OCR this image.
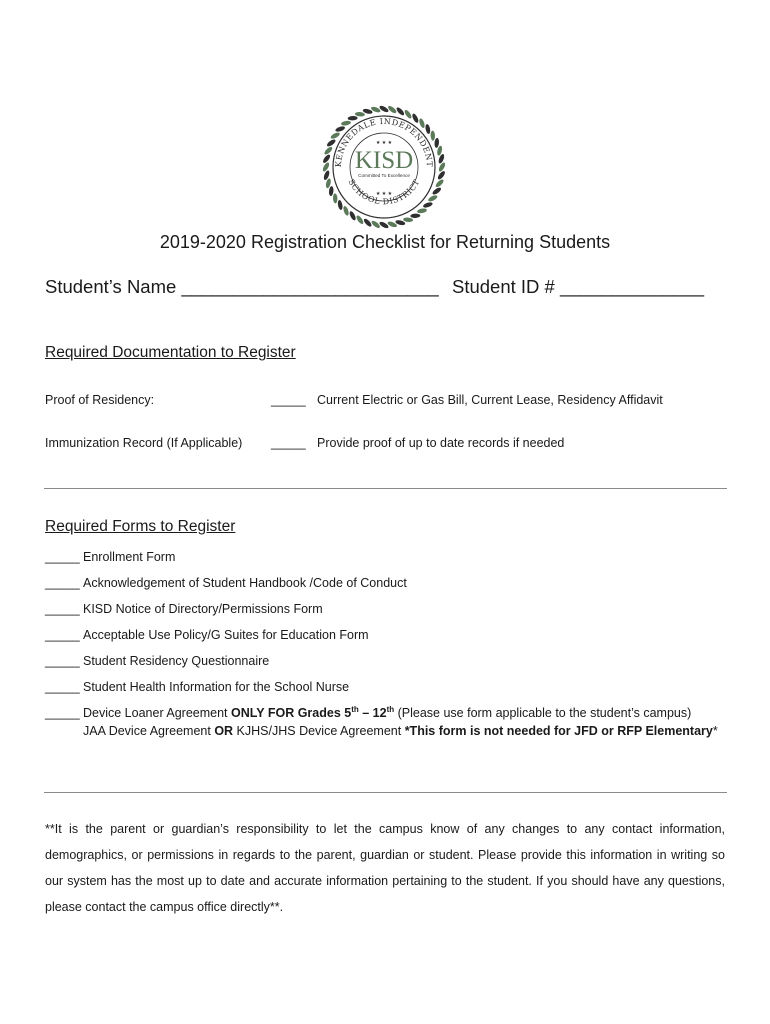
KENNEDALE INDEPENDENT
SCHOOL DISTRICT
★ ★ ★
KISD
Committed To Excellence
★ ★ ★
2019-2020 Registration Checklist for Returning Students
Student’s Name _________________________ Student ID # ______________
Required Documentation to Register
Proof of Residency:	_____ Current Electric or Gas Bill, Current Lease, Residency Affidavit
Immunization Record (If Applicable) _____ Provide proof of up to date records if needed
Required Forms to Register
_____ Enrollment Form
_____ Acknowledgement of Student Handbook /Code of Conduct
_____ KISD Notice of Directory/Permissions Form
_____ Acceptable Use Policy/G Suites for Education Form
_____ Student Residency Questionnaire
_____ Student Health Information for the School Nurse
_____ Device Loaner Agreement ONLY FOR Grades 5th – 12th (Please use form applicable to the student’s campus)
JAA Device Agreement OR KJHS/JHS Device Agreement *This form is not needed for JFD or RFP Elementary*
**It is the parent or guardian’s responsibility to let the campus know of any changes to any contact information, demographics, or permissions in regards to the parent, guardian or student. Please provide this information in writing so our system has the most up to date and accurate information pertaining to the student. If you should have any questions, please contact the campus office directly**.
